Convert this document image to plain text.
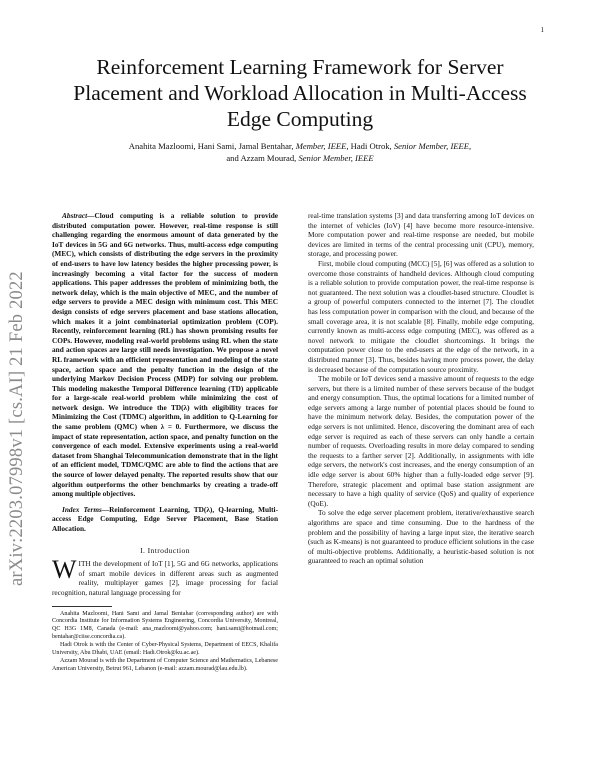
1
arXiv:2203.07998v1 [cs.AI] 21 Feb 2022
Reinforcement Learning Framework for Server Placement and Workload Allocation in Multi-Access Edge Computing
Anahita Mazloomi, Hani Sami, Jamal Bentahar, Member, IEEE, Hadi Otrok, Senior Member, IEEE,
and Azzam Mourad, Senior Member, IEEE

Abstract—Cloud computing is a reliable solution to provide distributed computation power. However, real-time response is still challenging regarding the enormous amount of data generated by the IoT devices in 5G and 6G networks. Thus, multi-access edge computing (MEC), which consists of distributing the edge servers in the proximity of end-users to have low latency besides the higher processing power, is increasingly becoming a vital factor for the success of modern applications. This paper addresses the problem of minimizing both, the network delay, which is the main objective of MEC, and the number of edge servers to provide a MEC design with minimum cost. This MEC design consists of edge servers placement and base stations allocation, which makes it a joint combinatorial optimization problem (COP). Recently, reinforcement learning (RL) has shown promising results for COPs. However, modeling real-world problems using RL when the state and action spaces are large still needs investigation. We propose a novel RL framework with an efficient representation and modeling of the state space, action space and the penalty function in the design of the underlying Markov Decision Process (MDP) for solving our problem. This modeling makesthe Temporal Difference learning (TD) applicable for a large-scale real-world problem while minimizing the cost of network design. We introduce the TD(λ) with eligibility traces for Minimizing the Cost (TDMC) algorithm, in addition to Q-Learning for the same problem (QMC) when λ = 0. Furthermore, we discuss the impact of state representation, action space, and penalty function on the convergence of each model. Extensive experiments using a real-world dataset from Shanghai Telecommunication demonstrate that in the light of an efficient model, TDMC/QMC are able to find the actions that are the source of lower delayed penalty. The reported results show that our algorithm outperforms the other benchmarks by creating a trade-off among multiple objectives.

Index Terms—Reinforcement Learning, TD(λ), Q-learning, Multi-access Edge Computing, Edge Server Placement, Base Station Allocation.

I. Introduction

WITH the development of IoT [1], 5G and 6G networks, applications of smart mobile devices in different areas such as augmented reality, multiplayer games [2], image processing for facial recognition, natural language processing for

Anahita Mazloomi, Hani Sami and Jamal Bentahar (corresponding author) are with Concordia Institute for Information Systems Engineering, Concordia University, Montreal, QC H3G 1M8, Canada (e-mail: ana_mazloomi@yahoo.com; hani.sami@hotmail.com; bentahar@ciise.concordia.ca).

Hadi Otrok is with the Center of Cyber-Physical Systems, Department of EECS, Khalifa University, Abu Dhabi, UAE (email: Hadi.Otrok@ku.ac.ae).

Azzam Mourad is with the Department of Computer Science and Mathematics, Lebanese American University, Beirut 961, Lebanon (e-mail: azzam.mourad@lau.edu.lb).

real-time translation systems [3] and data transferring among IoT devices on the internet of vehicles (IoV) [4] have become more resource-intensive. More computation power and real-time response are needed, but mobile devices are limited in terms of the central processing unit (CPU), memory, storage, and processing power.

First, mobile cloud computing (MCC) [5], [6] was offered as a solution to overcome those constraints of handheld devices. Although cloud computing is a reliable solution to provide computation power, the real-time response is not guaranteed. The next solution was a cloudlet-based structure. Cloudlet is a group of powerful computers connected to the internet [7]. The cloudlet has less computation power in comparison with the cloud, and because of the small coverage area, it is not scalable [8]. Finally, mobile edge computing, currently known as multi-access edge computing (MEC), was offered as a novel network to mitigate the cloudlet shortcomings. It brings the computation power close to the end-users at the edge of the network, in a distributed manner [3]. Thus, besides having more process power, the delay is decreased because of the computation source proximity.

The mobile or IoT devices send a massive amount of requests to the edge servers, but there is a limited number of these servers because of the budget and energy consumption. Thus, the optimal locations for a limited number of edge servers among a large number of potential places should be found to have the minimum network delay. Besides, the computation power of the edge servers is not unlimited. Hence, discovering the dominant area of each edge server is required as each of these servers can only handle a certain number of requests. Overloading results in more delay compared to sending the requests to a farther server [2]. Additionally, in assignments with idle edge servers, the network's cost increases, and the energy consumption of an idle edge server is about 60% higher than a fully-loaded edge server [9]. Therefore, strategic placement and optimal base station assignment are necessary to have a high quality of service (QoS) and quality of experience (QoE).

To solve the edge server placement problem, iterative/exhaustive search algorithms are space and time consuming. Due to the hardness of the problem and the possibility of having a large input size, the iterative search (such as K-means) is not guaranteed to produce efficient solutions in the case of multi-objective problems. Additionally, a heuristic-based solution is not guaranteed to reach an optimal solution
